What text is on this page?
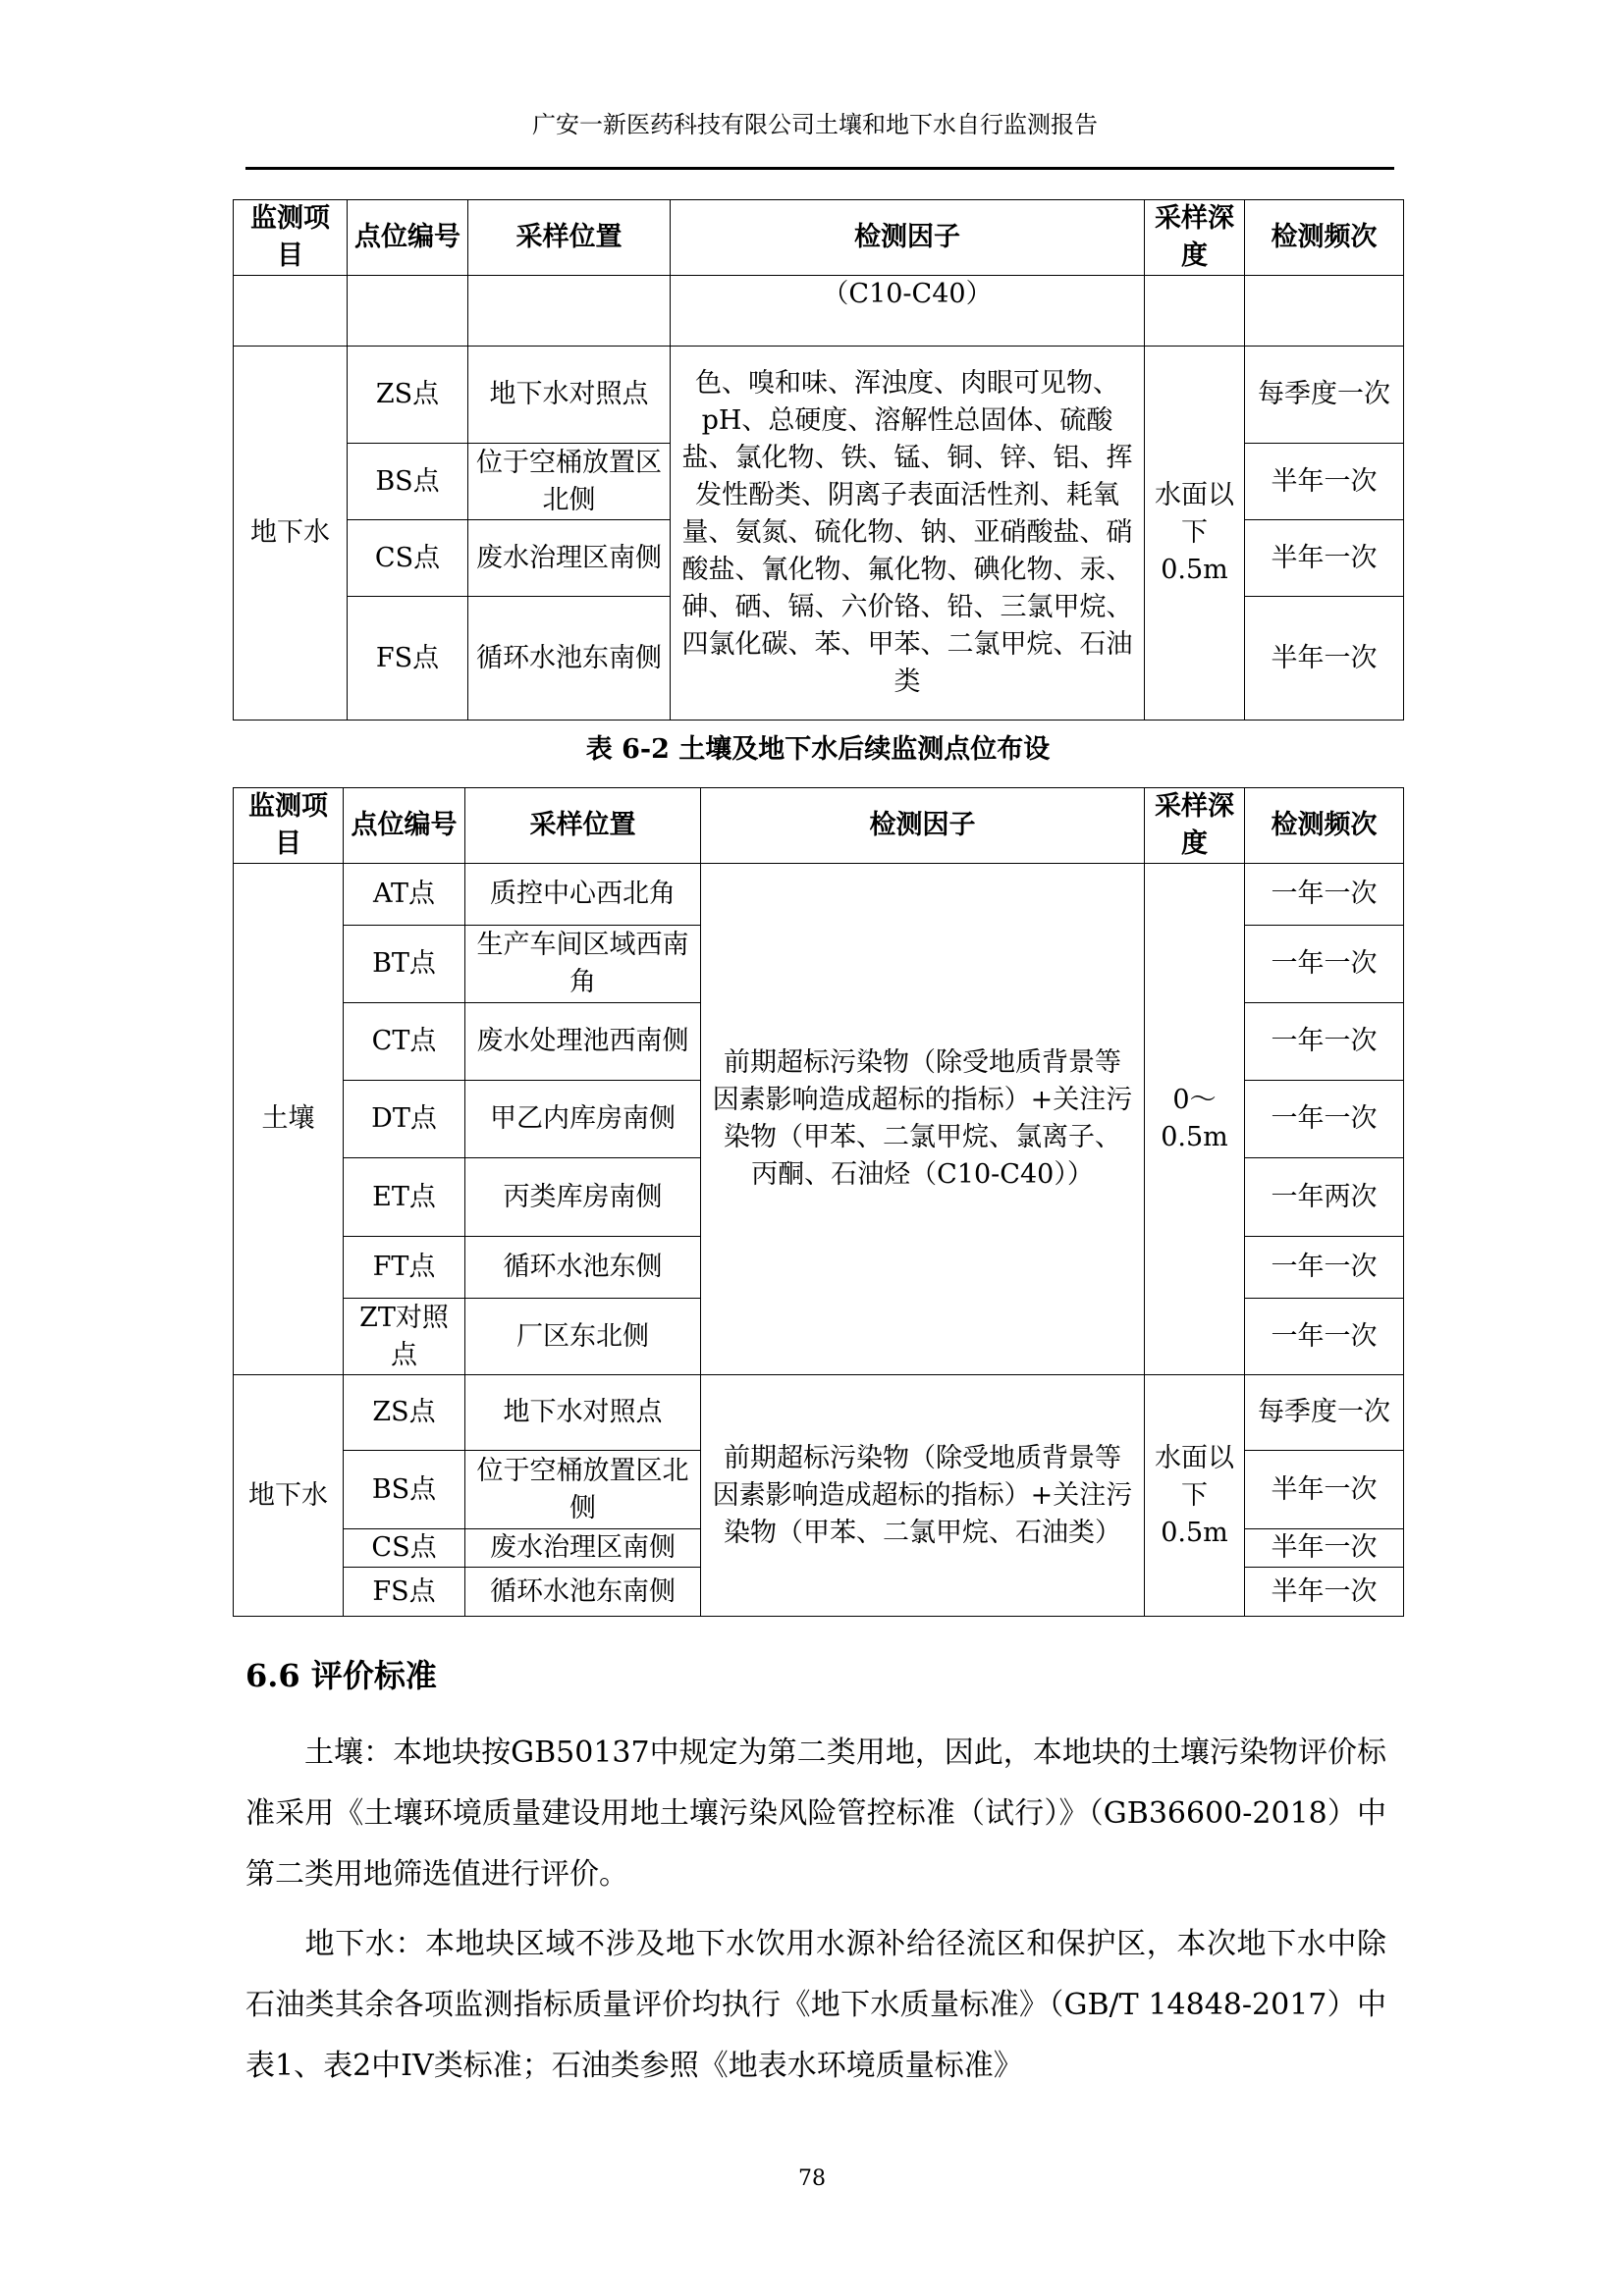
广安一新医药科技有限公司土壤和地下水自行监测报告
监测项目	点位编号	采样位置	检测因子	采样深度	检测频次
			（C10-C40）		
地下水	ZS点	地下水对照点	色、嗅和味、浑浊度、肉眼可见物、pH、总硬度、溶解性总固体、硫酸盐、氯化物、铁、锰、铜、锌、铝、挥发性酚类、阴离子表面活性剂、耗氧量、氨氮、硫化物、钠、亚硝酸盐、硝酸盐、氰化物、氟化物、碘化物、汞、砷、硒、镉、六价铬、铅、三氯甲烷、四氯化碳、苯、甲苯、二氯甲烷、石油类	水面以下0.5m	每季度一次
	BS点	位于空桶放置区北侧			半年一次
	CS点	废水治理区南侧			半年一次
	FS点	循环水池东南侧			半年一次
表 6-2 土壤及地下水后续监测点位布设
监测项目	点位编号	采样位置	检测因子	采样深度	检测频次
土壤	AT点	质控中心西北角	前期超标污染物（除受地质背景等因素影响造成超标的指标）+关注污染物（甲苯、二氯甲烷、氯离子、丙酮、石油烃（C10-C40））	0～0.5m	一年一次
	BT点	生产车间区域西南角			一年一次
	CT点	废水处理池西南侧			一年一次
	DT点	甲乙内库房南侧			一年一次
	ET点	丙类库房南侧			一年两次
	FT点	循环水池东侧			一年一次
	ZT对照点	厂区东北侧			一年一次
地下水	ZS点	地下水对照点	前期超标污染物（除受地质背景等因素影响造成超标的指标）+关注污染物（甲苯、二氯甲烷、石油类）	水面以下0.5m	每季度一次
	BS点	位于空桶放置区北侧			半年一次
	CS点	废水治理区南侧			半年一次
	FS点	循环水池东南侧			半年一次
6.6 评价标准

土壤：本地块按GB50137中规定为第二类用地，因此，本地块的土壤污染物评价标准采用《土壤环境质量建设用地土壤污染风险管控标准（试行）》（GB36600-2018）中第二类用地筛选值进行评价。

地下水：本地块区域不涉及地下水饮用水源补给径流区和保护区，本次地下水中除石油类其余各项监测指标质量评价均执行《地下水质量标准》（GB/T 14848-2017）中表1、表2中IV类标准；石油类参照《地表水环境质量标准》

78
